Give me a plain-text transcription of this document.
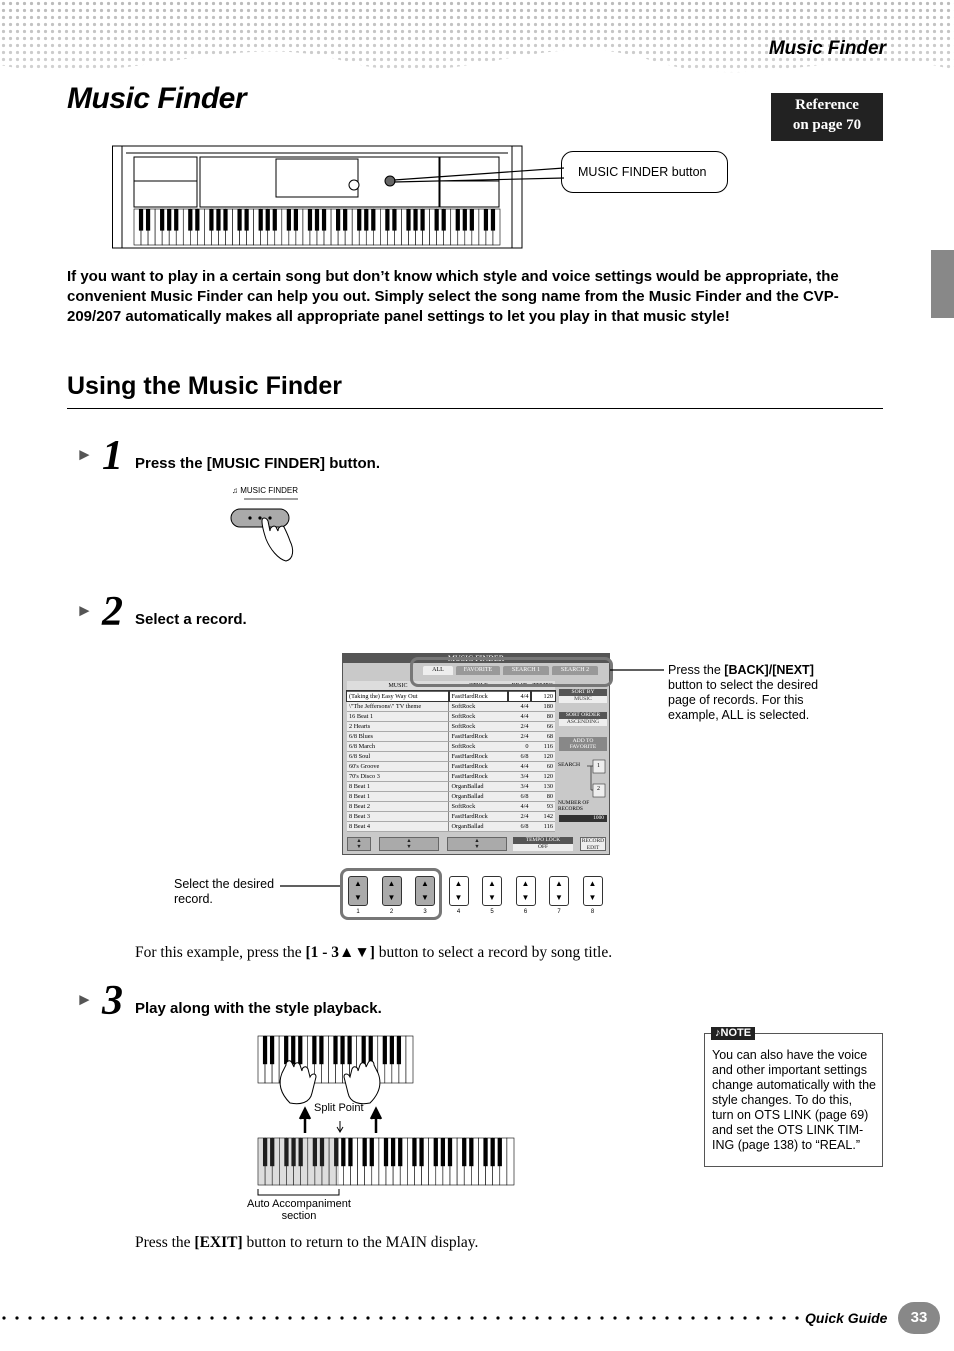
Music Finder
Music Finder	Reference
on page 70
MUSIC FINDER button
If you want to play in a certain song but don’t know which style and voice settings would be appropriate, the convenient Music Finder can help you out. Simply select the song name from the Music Finder and the CVP-209/207 automatically makes all appropriate panel settings to let you play in that music style!
Using the Music Finder
► 1 Press the [MUSIC FINDER] button.
♫ MUSIC FINDER
► 2 Select a record.
MUSIC FINDER
ALL	FAVORITE	SEARCH 1	SEARCH 2
MUSIC	STYLE	BEAT	TEMPO
(Taking the) Easy Way Out	FastHardRock	4/4	120
\"The Jeffersons\" TV theme	SoftRock	4/4	180
16 Beat 1	SoftRock	4/4	80
2 Hearts	SoftRock	2/4	66
6/8 Blues	FastHardRock	2/4	68
6/8 March	SoftRock	0	116
6/8 Soul	FastHardRock	6/8	120
60's Groove	FastHardRock	4/4	60
70's Disco 3	FastHardRock	3/4	120
8 Beat 1	OrganBallad	3/4	130
8 Beat 1	OrganBallad	6/8	80
8 Beat 2	SoftRock	4/4	93
8 Beat 3	FastHardRock	2/4	142
8 Beat 4	OrganBallad	6/8	116
SORT BY
MUSIC
SORT ORDER
ASCENDING
ADD TO FAVORITE
SEARCH	1
2
NUMBER OF RECORDS
1000
▲
▼
▲
▼
▲
▼
TEMPO LOCK
OFF
RECORD EDIT
Press the [BACK]/[NEXT] button to select the desired page of records. For this example, ALL is selected.
Select the desired record.
▲
▼
1
▲
▼
2
▲
▼
3
▲
▼
4
▲
▼
5
▲
▼
6
▲
▼
7
▲
▼
8
For this example, press the [1 - 3▲▼] button to select a record by song title.
► 3 Play along with the style playback.
Split Point
Auto Accompaniment section
You can also have the voice and other important settings change automatically with the style changes. To do this, turn on OTS LINK (page 69) and set the OTS LINK TIM-ING (page 138) to “REAL.”
♪NOTE
Press the [EXIT] button to return to the MAIN display.
Quick Guide	33
